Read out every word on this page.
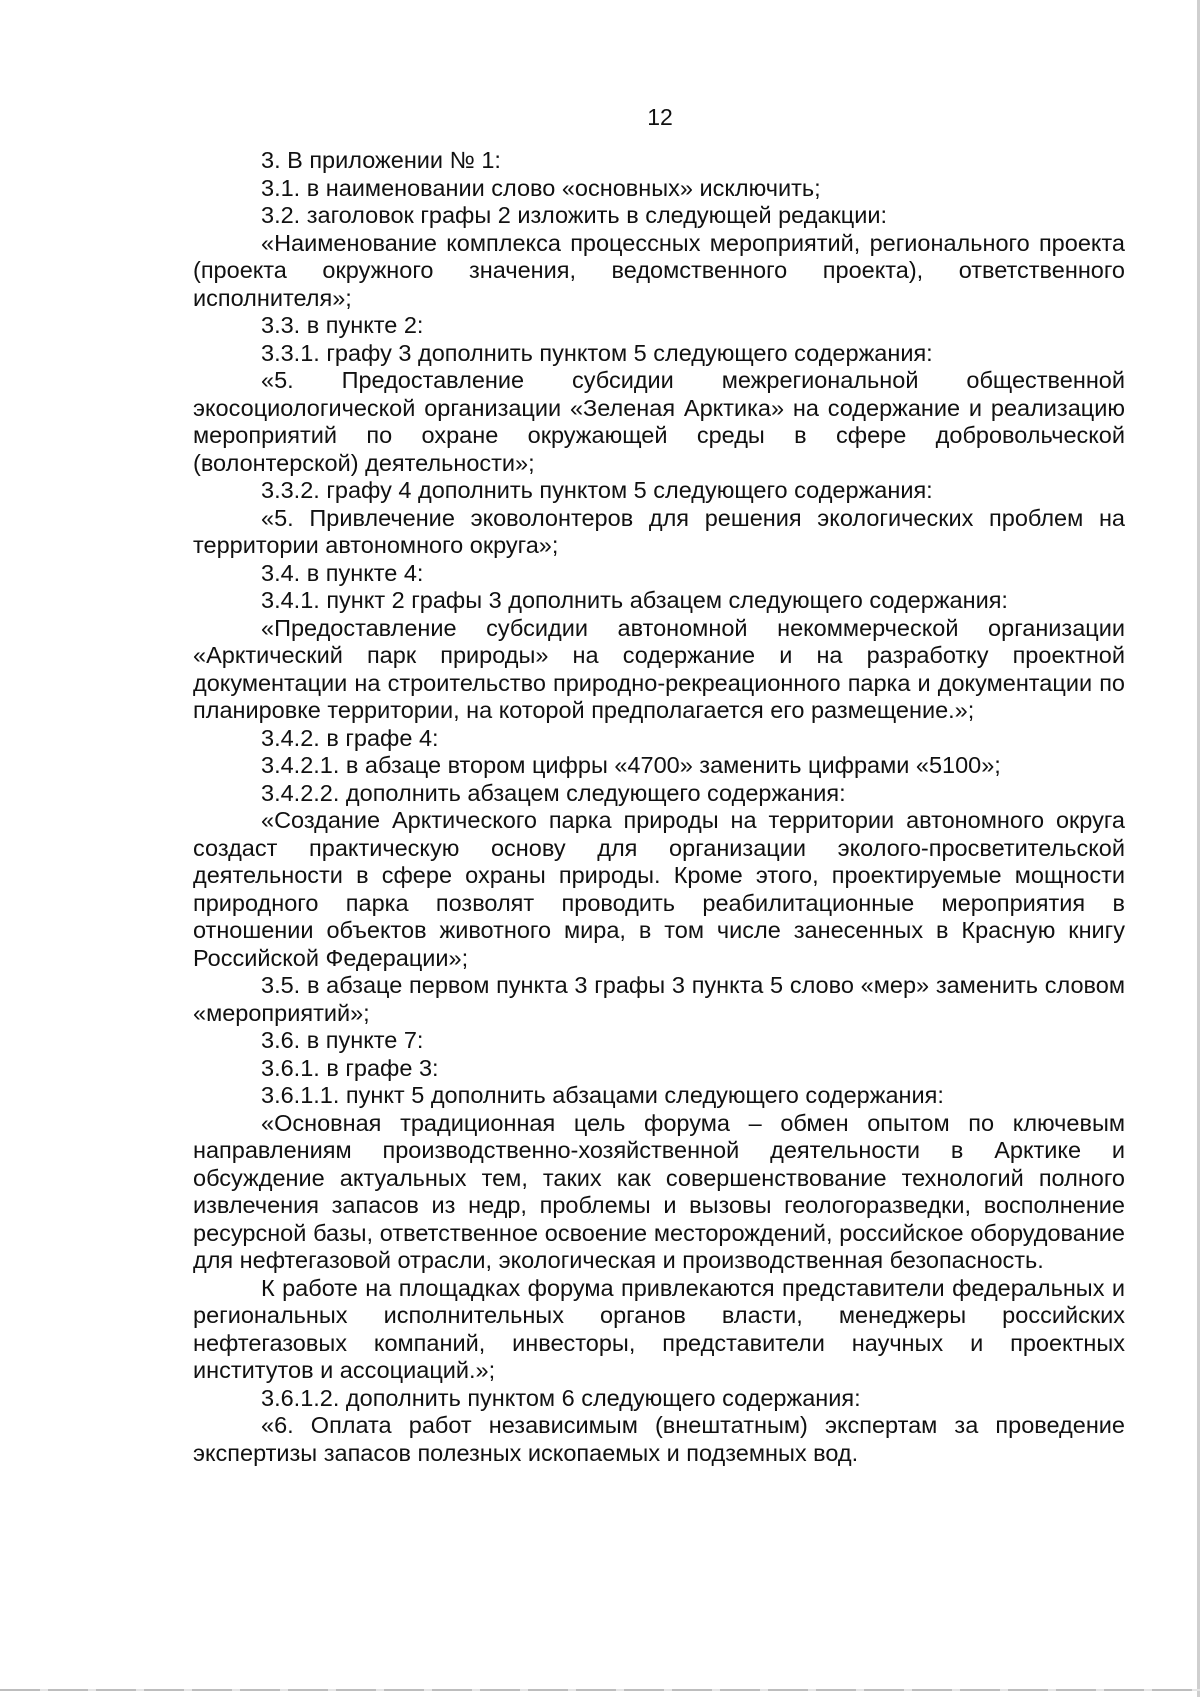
12

3. В приложении № 1:

3.1. в наименовании слово «основных» исключить;

3.2. заголовок графы 2 изложить в следующей редакции:

«Наименование комплекса процессных мероприятий, регионального проекта (проекта окружного значения, ведомственного проекта), ответственного исполнителя»;

3.3. в пункте 2:

3.3.1. графу 3 дополнить пунктом 5 следующего содержания:

«5. Предоставление субсидии межрегиональной общественной экосоциологической организации «Зеленая Арктика» на содержание и реализацию мероприятий по охране окружающей среды в сфере добровольческой (волонтерской) деятельности»;

3.3.2. графу 4 дополнить пунктом 5 следующего содержания:

«5. Привлечение эковолонтеров для решения экологических проблем на территории автономного округа»;

3.4. в пункте 4:

3.4.1. пункт 2 графы 3 дополнить абзацем следующего содержания:

«Предоставление субсидии автономной некоммерческой организации «Арктический парк природы» на содержание и на разработку проектной документации на строительство природно-рекреационного парка и документации по планировке территории, на которой предполагается его размещение.»;

3.4.2. в графе 4:

3.4.2.1. в абзаце втором цифры «4700» заменить цифрами «5100»;

3.4.2.2. дополнить абзацем следующего содержания:

«Создание Арктического парка природы на территории автономного округа создаст практическую основу для организации эколого-просветительской деятельности в сфере охраны природы. Кроме этого, проектируемые мощности природного парка позволят проводить реабилитационные мероприятия в отношении объектов животного мира, в том числе занесенных в Красную книгу Российской Федерации»;

3.5. в абзаце первом пункта 3 графы 3 пункта 5 слово «мер» заменить словом «мероприятий»;

3.6. в пункте 7:

3.6.1. в графе 3:

3.6.1.1. пункт 5 дополнить абзацами следующего содержания:

«Основная традиционная цель форума – обмен опытом по ключевым направлениям производственно-хозяйственной деятельности в Арктике и обсуждение актуальных тем, таких как совершенствование технологий полного извлечения запасов из недр, проблемы и вызовы геологоразведки, восполнение ресурсной базы, ответственное освоение месторождений, российское оборудование для нефтегазовой отрасли, экологическая и производственная безопасность.

К работе на площадках форума привлекаются представители федеральных и региональных исполнительных органов власти, менеджеры российских нефтегазовых компаний, инвесторы, представители научных и проектных институтов и ассоциаций.»;

3.6.1.2. дополнить пунктом 6 следующего содержания:

«6. Оплата работ независимым (внештатным) экспертам за проведение экспертизы запасов полезных ископаемых и подземных вод.
